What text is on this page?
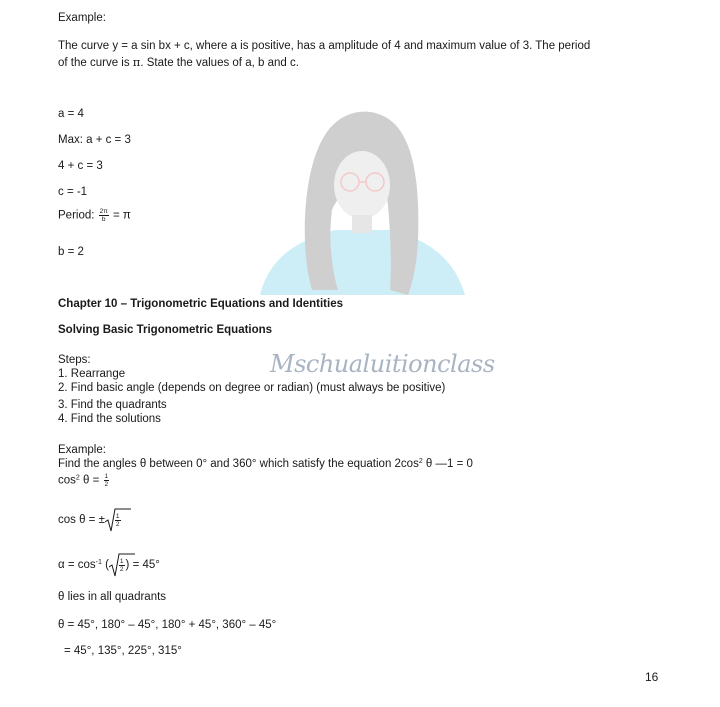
Mschualuitionclass
Example:
The curve y = a sin bx + c, where a is positive, has a amplitude of 4 and maximum value of 3. The period
of the curve is π. State the values of a, b and c.
a = 4
Max: a + c = 3
4 + c = 3
c = -1
Period: $\frac{2\pi}{b} = \pi$
b = 2
Chapter 10 – Trigonometric Equations and Identities
Solving Basic Trigonometric Equations
Steps:
1. Rearrange
2. Find basic angle (depends on degree or radian) (must always be positive)
3. Find the quadrants
4. Find the solutions
Example:
Find the angles θ between 0° and 360° which satisfy the equation $2\cos^2$ θ —1 = 0
$\cos^2 \theta = \frac{1}{2}$
cos θ = ± $\frac{1}{2}$
$\alpha = \cos^{-1}$ ( $\frac{1}{2}$ ) = 45°
θ lies in all quadrants
θ = 45°, 180° – 45°, 180° + 45°, 360° – 45°
= 45°, 135°, 225°, 315°
16
